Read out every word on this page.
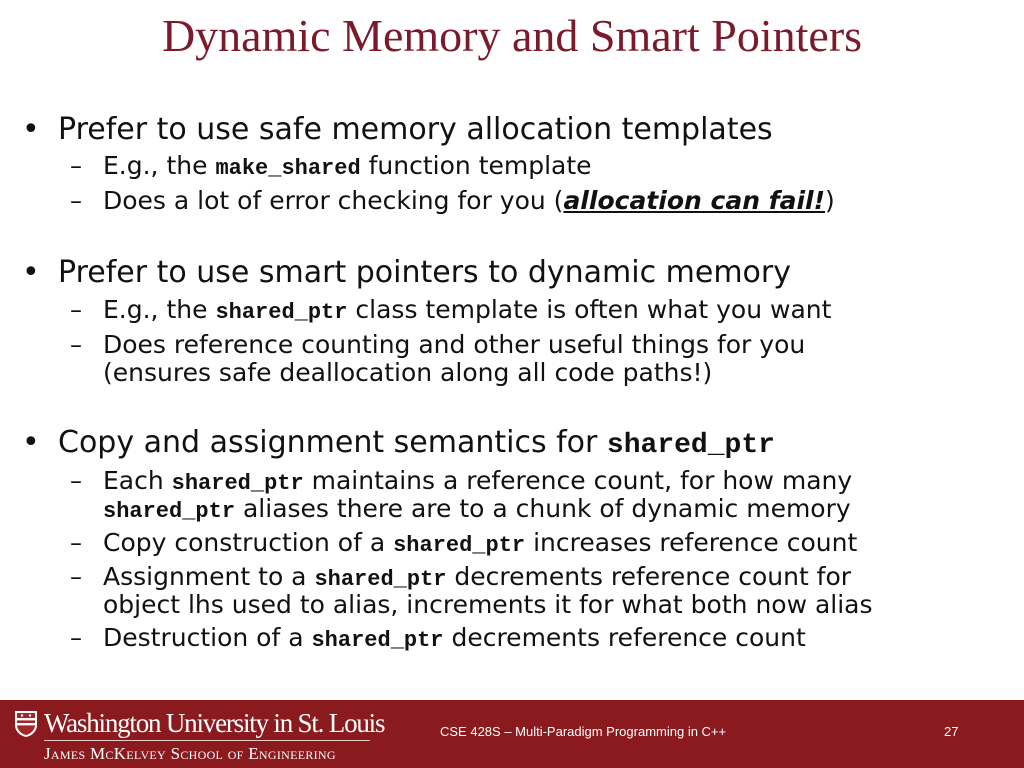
Dynamic Memory and Smart Pointers
• Prefer to use safe memory allocation templates
– E.g., the make_shared function template
– Does a lot of error checking for you (allocation can fail!)
• Prefer to use smart pointers to dynamic memory
– E.g., the shared_ptr class template is often what you want
– Does reference counting and other useful things for you
(ensures safe deallocation along all code paths!)
• Copy and assignment semantics for shared_ptr
– Each shared_ptr maintains a reference count, for how many
shared_ptr aliases there are to a chunk of dynamic memory
– Copy construction of a shared_ptr increases reference count
– Assignment to a shared_ptr decrements reference count for
object lhs used to alias, increments it for what both now alias
– Destruction of a shared_ptr decrements reference count
Washington University in St. Louis
James McKelvey School of Engineering
CSE 428S – Multi-Paradigm Programming in C++	27
